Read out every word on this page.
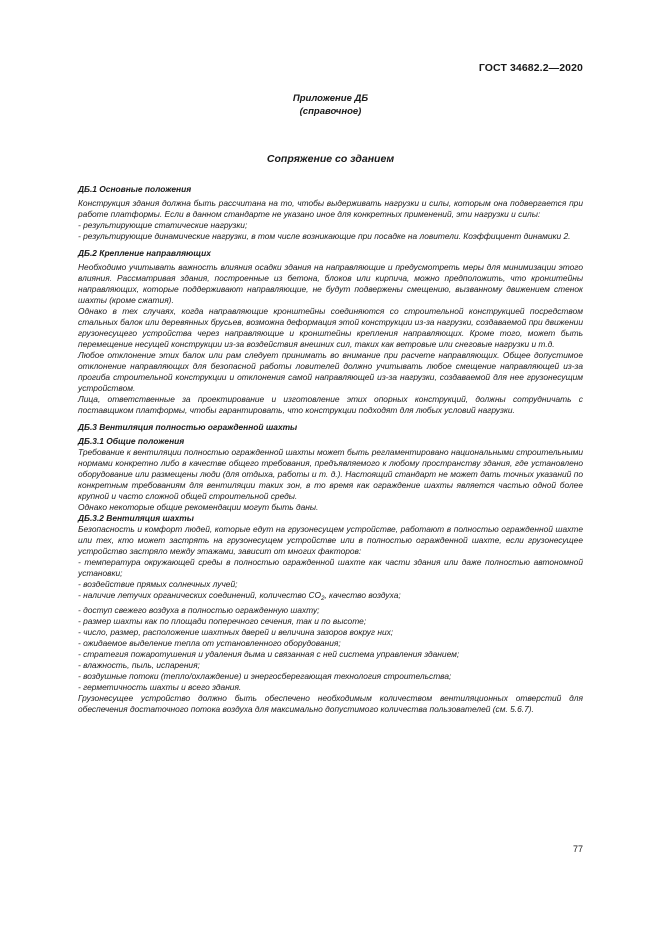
ГОСТ 34682.2—2020
Приложение ДБ
(справочное)
Сопряжение со зданием
ДБ.1 Основные положения

Конструкция здания должна быть рассчитана на то, чтобы выдерживать нагрузки и силы, которым она подвергается при работе платформы. Если в данном стандарте не указано иное для конкретных применений, эти нагрузки и силы:

- результирующие статические нагрузки;

- результирующие динамические нагрузки, в том числе возникающие при посадке на ловители. Коэффициент динамики 2.

ДБ.2 Крепление направляющих

Необходимо учитывать важность влияния осадки здания на направляющие и предусмотреть меры для минимизации этого влияния. Рассматривая здания, построенные из бетона, блоков или кирпича, можно предположить, что кронштейны направляющих, которые поддерживают направляющие, не будут подвержены смещению, вызванному движением стенок шахты (кроме сжатия).

Однако в тех случаях, когда направляющие кронштейны соединяются со строительной конструкцией посредством стальных балок или деревянных брусьев, возможна деформация этой конструкции из-за нагрузки, создаваемой при движении грузонесущего устройства через направляющие и кронштейны крепления направляющих. Кроме того, может быть перемещение несущей конструкции из-за воздействия внешних сил, таких как ветровые или снеговые нагрузки и т.д.

Любое отклонение этих балок или рам следует принимать во внимание при расчете направляющих. Общее допустимое отклонение направляющих для безопасной работы ловителей должно учитывать любое смещение направляющей из-за прогиба строительной конструкции и отклонения самой направляющей из-за нагрузки, создаваемой для нее грузонесущим устройством.

Лица, ответственные за проектирование и изготовление этих опорных конструкций, должны сотрудничать с поставщиком платформы, чтобы гарантировать, что конструкции подходят для любых условий нагрузки.

ДБ.3 Вентиляция полностью огражденной шахты
ДБ.3.1 Общие положения

Требование к вентиляции полностью огражденной шахты может быть регламентировано национальными строительными нормами конкретно либо в качестве общего требования, предъявляемого к любому пространству здания, где установлено оборудование или размещены люди (для отдыха, работы и т. д.). Настоящий стандарт не может дать точных указаний по конкретным требованиям для вентиляции таких зон, в то время как ограждение шахты является частью одной более крупной и часто сложной общей строительной среды.

Однако некоторые общие рекомендации могут быть даны.

ДБ.3.2 Вентиляция шахты

Безопасность и комфорт людей, которые едут на грузонесущем устройстве, работают в полностью огражденной шахте или тех, кто может застрять на грузонесущем устройстве или в полностью огражденной шахте, если грузонесущее устройство застряло между этажами, зависит от многих факторов:

- температура окружающей среды в полностью огражденной шахте как части здания или даже полностью автономной установки;

- воздействие прямых солнечных лучей;

- наличие летучих органических соединений, количество $CO_2$, качество воздуха;

- доступ свежего воздуха в полностью огражденную шахту;

- размер шахты как по площади поперечного сечения, так и по высоте;

- число, размер, расположение шахтных дверей и величина зазоров вокруг них;

- ожидаемое выделение тепла от установленного оборудования;

- стратегия пожаротушения и удаления дыма и связанная с ней система управления зданием;

- влажность, пыль, испарения;

- воздушные потоки (тепло/охлаждение) и энергосберегающая технология строительства;

- герметичность шахты и всего здания.

Грузонесущее устройство должно быть обеспечено необходимым количеством вентиляционных отверстий для обеспечения достаточного потока воздуха для максимально допустимого количества пользователей (см. 5.6.7).

77
